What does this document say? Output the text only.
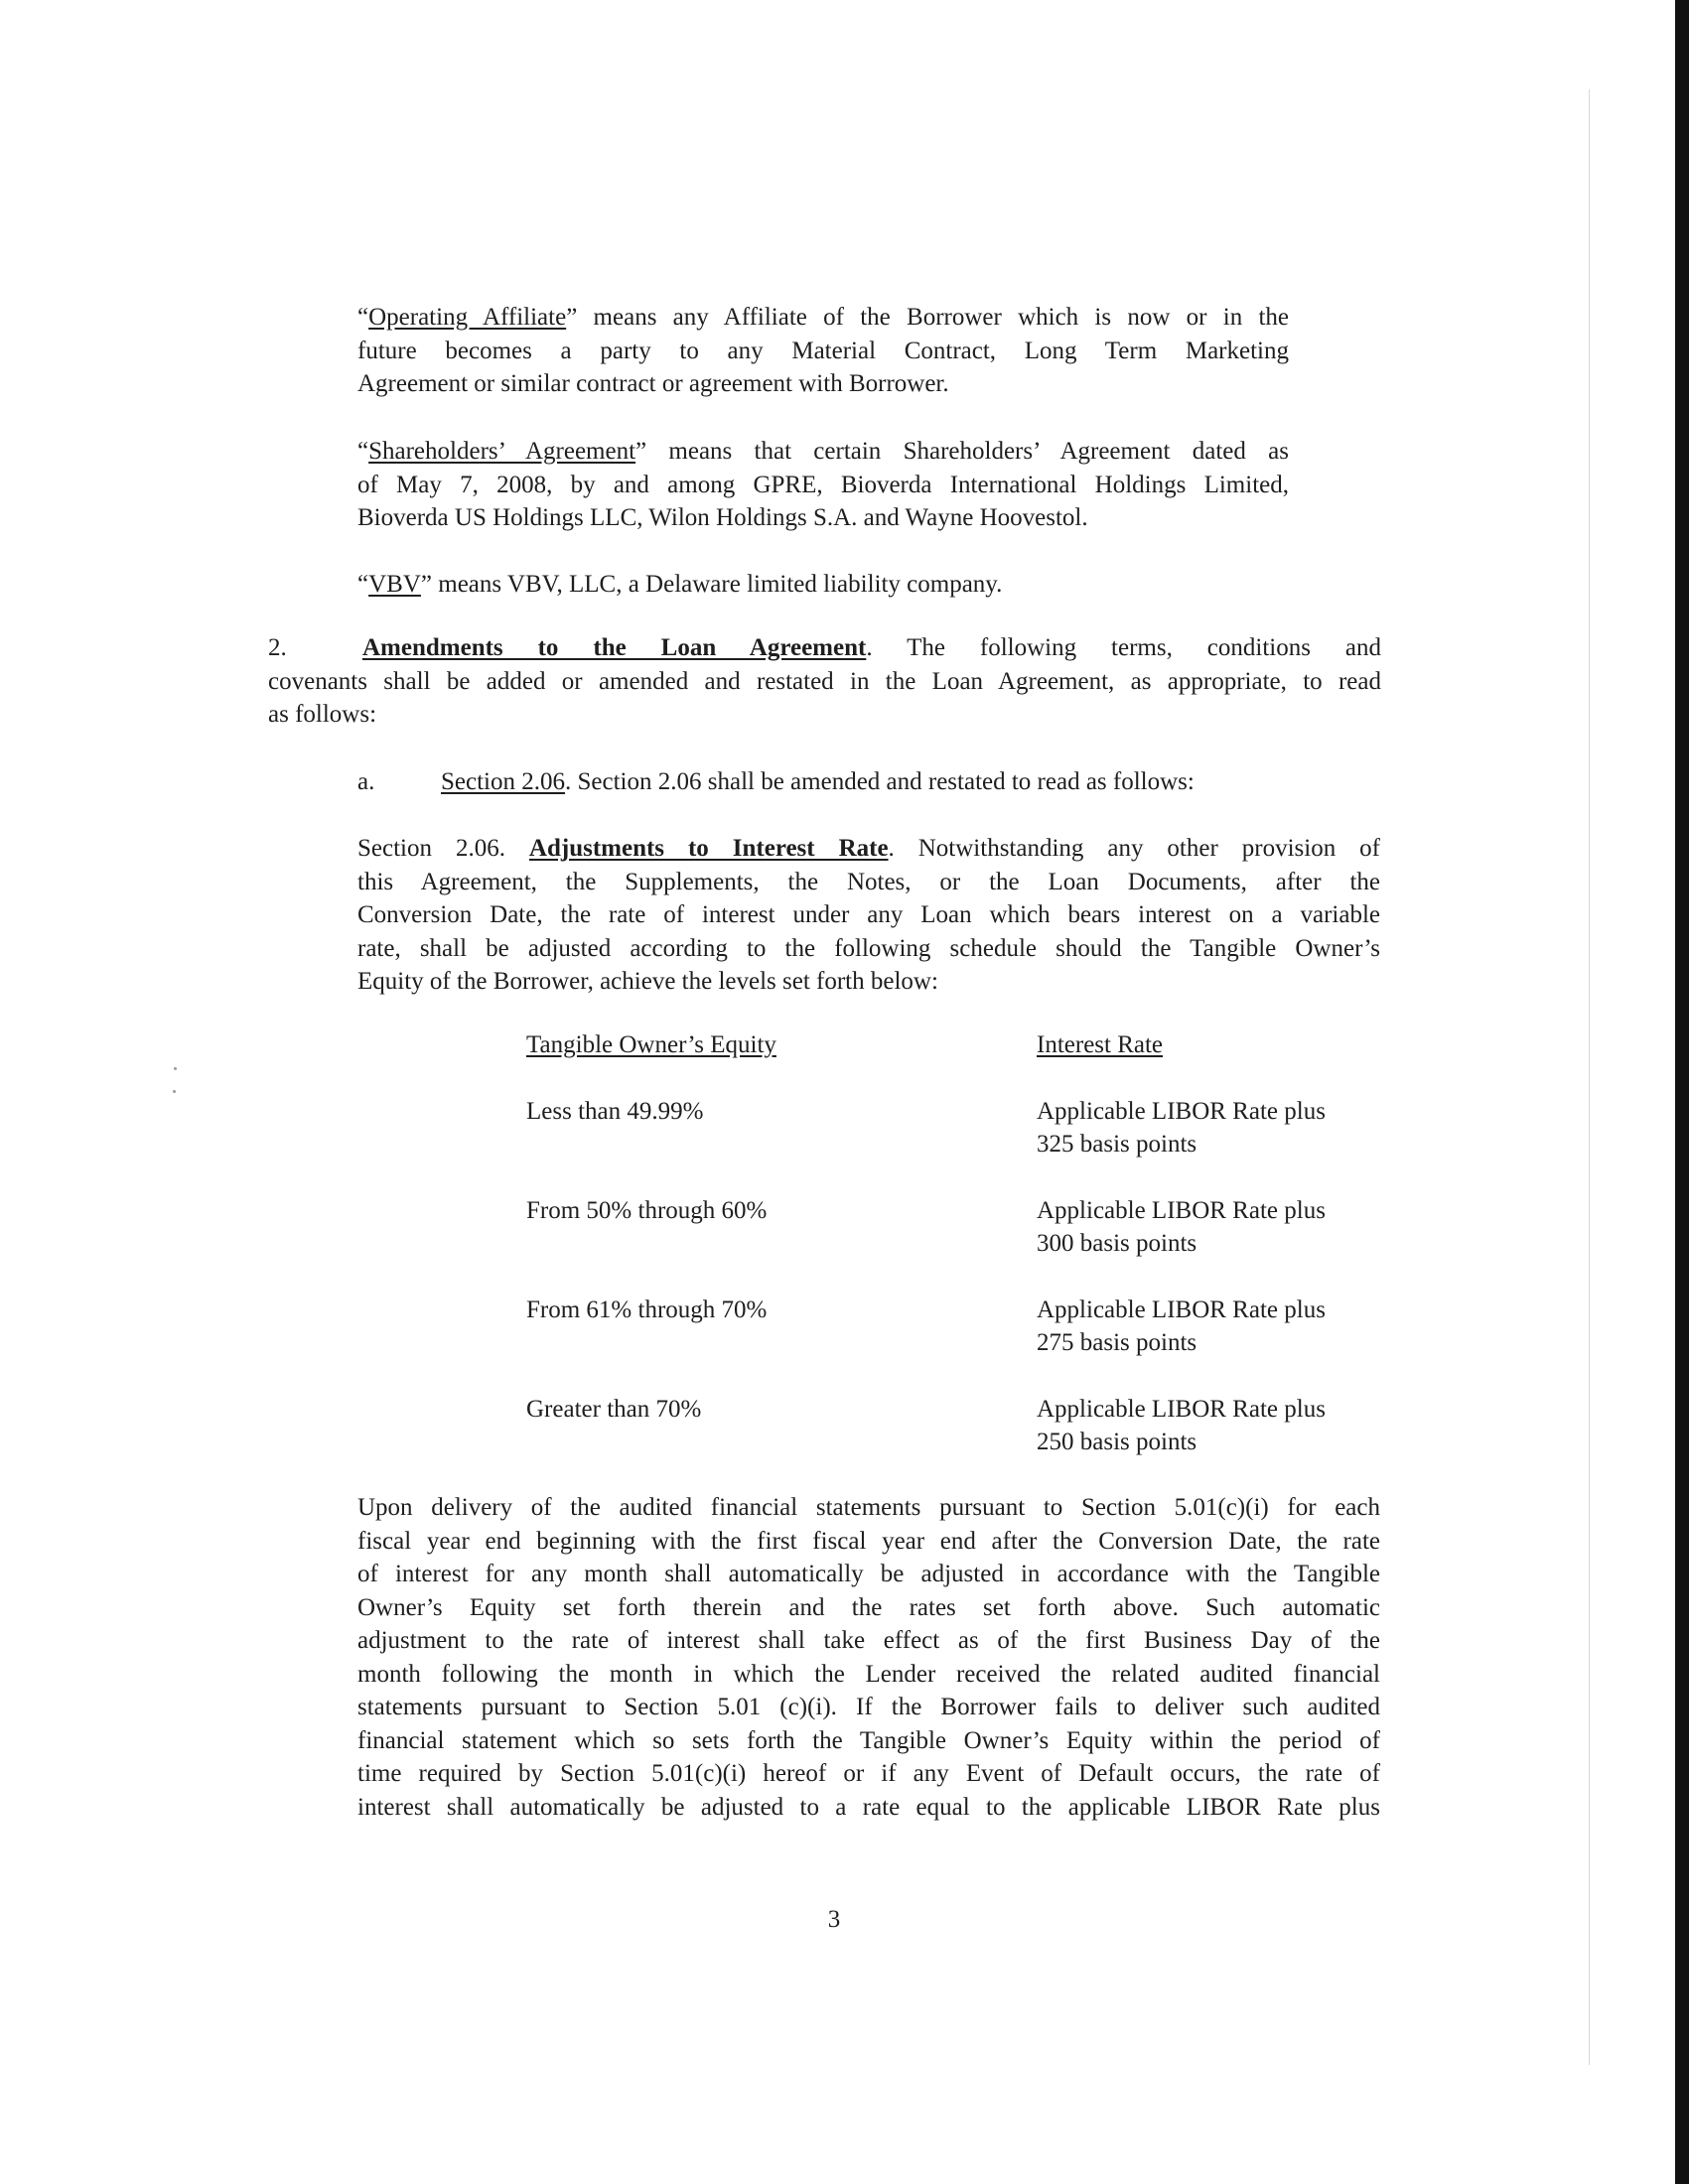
“Operating Affiliate” means any Affiliate of the Borrower which is now or in the
future becomes a party to any Material Contract, Long Term Marketing
Agreement or similar contract or agreement with Borrower.
“Shareholders’ Agreement” means that certain Shareholders’ Agreement dated as
of May 7, 2008, by and among GPRE, Bioverda International Holdings Limited,
Bioverda US Holdings LLC, Wilon Holdings S.A. and Wayne Hoovestol.
“VBV” means VBV, LLC, a Delaware limited liability company.
2.	Amendments to the Loan Agreement. The following terms, conditions and
covenants shall be added or amended and restated in the Loan Agreement, as appropriate, to read
as follows:
a.	Section 2.06. Section 2.06 shall be amended and restated to read as follows:
Section 2.06. Adjustments to Interest Rate. Notwithstanding any other provision of
this Agreement, the Supplements, the Notes, or the Loan Documents, after the
Conversion Date, the rate of interest under any Loan which bears interest on a variable
rate, shall be adjusted according to the following schedule should the Tangible Owner’s
Equity of the Borrower, achieve the levels set forth below:
Tangible Owner’s Equity	Interest Rate
Less than 49.99%	Applicable LIBOR Rate plus
325 basis points
From 50% through 60%	Applicable LIBOR Rate plus
300 basis points
From 61% through 70%	Applicable LIBOR Rate plus
275 basis points
Greater than 70%	Applicable LIBOR Rate plus
250 basis points
Upon delivery of the audited financial statements pursuant to Section 5.01(c)(i) for each
fiscal year end beginning with the first fiscal year end after the Conversion Date, the rate
of interest for any month shall automatically be adjusted in accordance with the Tangible
Owner’s Equity set forth therein and the rates set forth above. Such automatic
adjustment to the rate of interest shall take effect as of the first Business Day of the
month following the month in which the Lender received the related audited financial
statements pursuant to Section 5.01 (c)(i). If the Borrower fails to deliver such audited
financial statement which so sets forth the Tangible Owner’s Equity within the period of
time required by Section 5.01(c)(i) hereof or if any Event of Default occurs, the rate of
interest shall automatically be adjusted to a rate equal to the applicable LIBOR Rate plus
3
